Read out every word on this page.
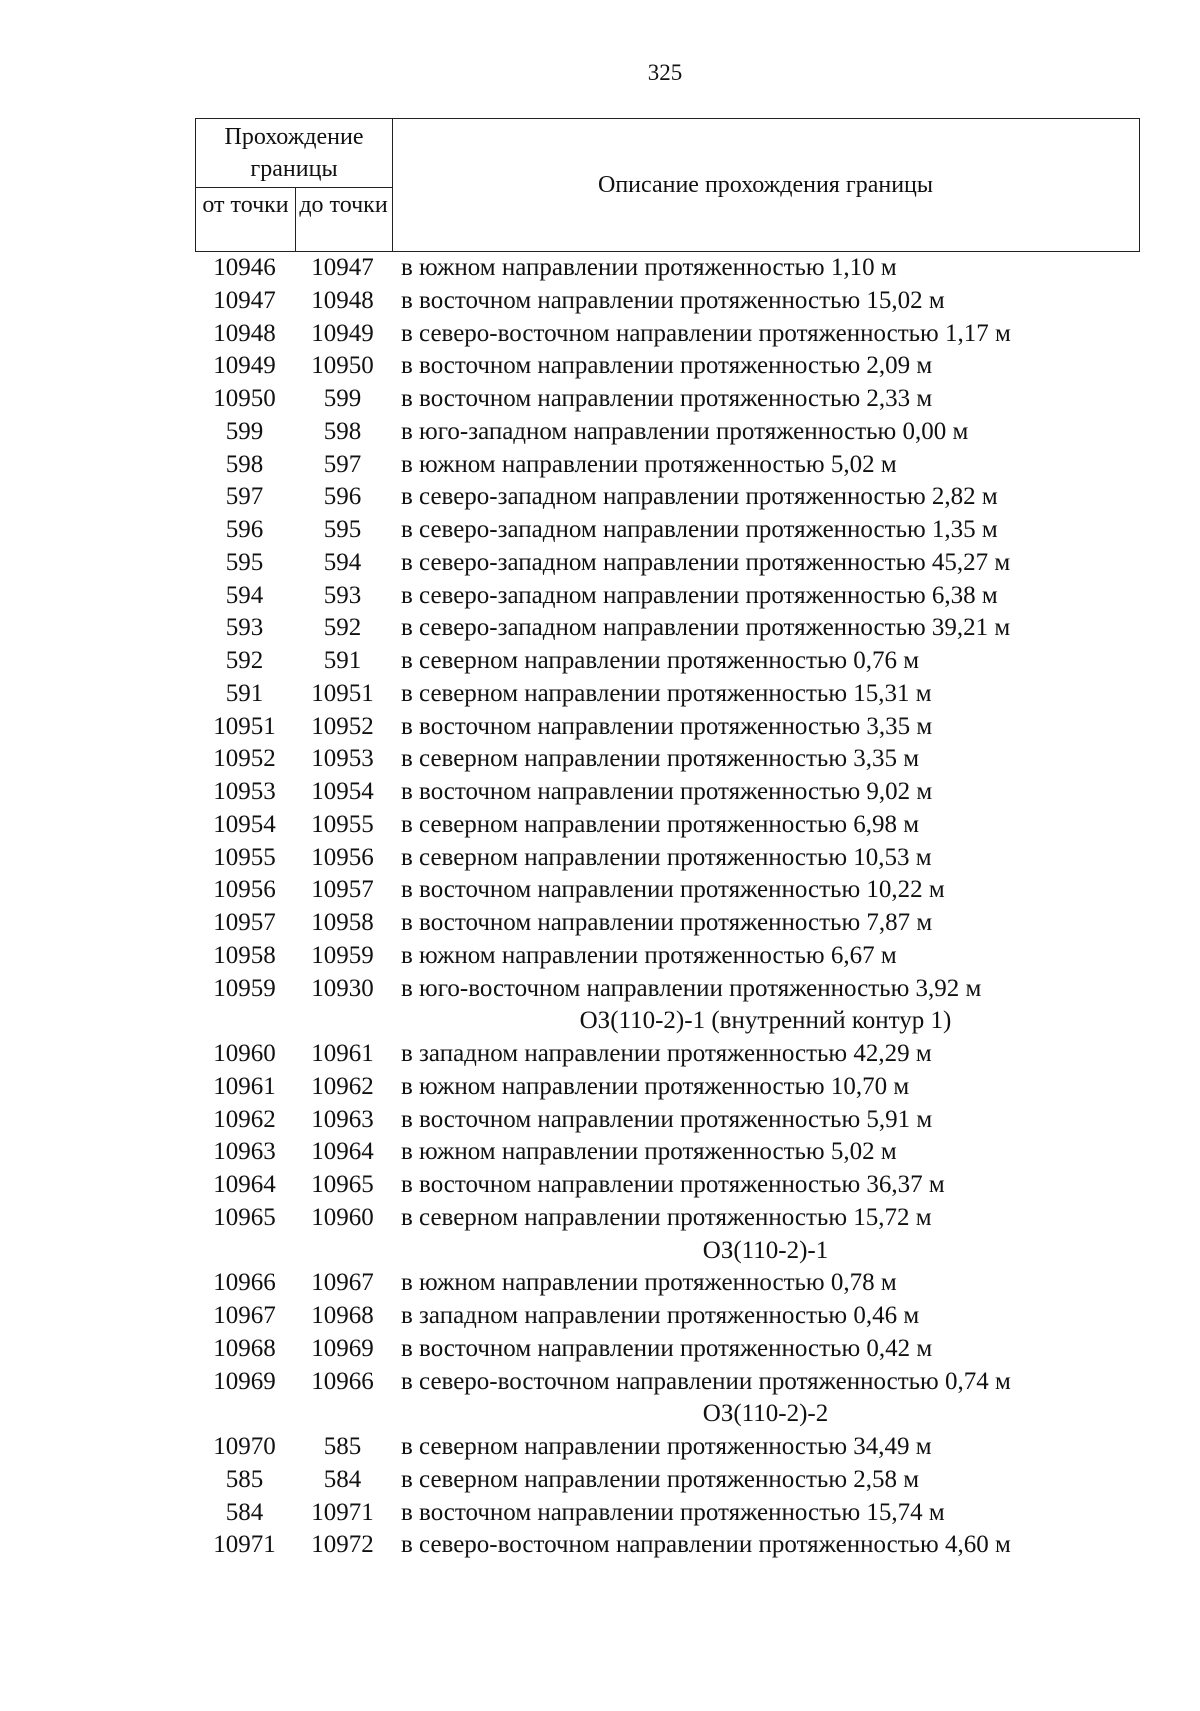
325
Прохождение границы
от точки до точки
Описание прохождения границы
10946	10947	в южном направлении протяженностью 1,10 м
10947	10948	в восточном направлении протяженностью 15,02 м
10948	10949	в северо-восточном направлении протяженностью 1,17 м
10949	10950	в восточном направлении протяженностью 2,09 м
10950	599	в восточном направлении протяженностью 2,33 м
599	598	в юго-западном направлении протяженностью 0,00 м
598	597	в южном направлении протяженностью 5,02 м
597	596	в северо-западном направлении протяженностью 2,82 м
596	595	в северо-западном направлении протяженностью 1,35 м
595	594	в северо-западном направлении протяженностью 45,27 м
594	593	в северо-западном направлении протяженностью 6,38 м
593	592	в северо-западном направлении протяженностью 39,21 м
592	591	в северном направлении протяженностью 0,76 м
591	10951	в северном направлении протяженностью 15,31 м
10951	10952	в восточном направлении протяженностью 3,35 м
10952	10953	в северном направлении протяженностью 3,35 м
10953	10954	в восточном направлении протяженностью 9,02 м
10954	10955	в северном направлении протяженностью 6,98 м
10955	10956	в северном направлении протяженностью 10,53 м
10956	10957	в восточном направлении протяженностью 10,22 м
10957	10958	в восточном направлении протяженностью 7,87 м
10958	10959	в южном направлении протяженностью 6,67 м
10959	10930	в юго-восточном направлении протяженностью 3,92 м
ОЗ(110-2)-1 (внутренний контур 1)
10960	10961	в западном направлении протяженностью 42,29 м
10961	10962	в южном направлении протяженностью 10,70 м
10962	10963	в восточном направлении протяженностью 5,91 м
10963	10964	в южном направлении протяженностью 5,02 м
10964	10965	в восточном направлении протяженностью 36,37 м
10965	10960	в северном направлении протяженностью 15,72 м
ОЗ(110-2)-1
10966	10967	в южном направлении протяженностью 0,78 м
10967	10968	в западном направлении протяженностью 0,46 м
10968	10969	в восточном направлении протяженностью 0,42 м
10969	10966	в северо-восточном направлении протяженностью 0,74 м
ОЗ(110-2)-2
10970	585	в северном направлении протяженностью 34,49 м
585	584	в северном направлении протяженностью 2,58 м
584	10971	в восточном направлении протяженностью 15,74 м
10971	10972	в северо-восточном направлении протяженностью 4,60 м
